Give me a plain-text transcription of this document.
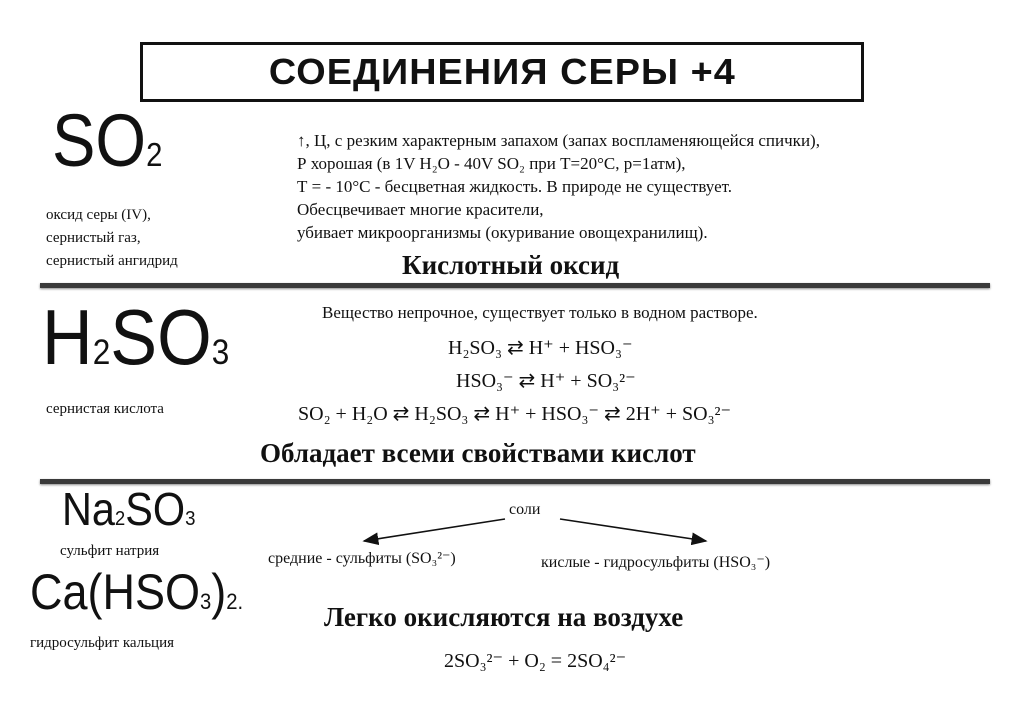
СОЕДИНЕНИЯ СЕРЫ +4
SO2
оксид серы (IV),
сернистый газ,
сернистый ангидрид
↑, Ц, с резким характерным запахом (запах воспламеняющейся спички),
Р хорошая (в 1V H₂O - 40V SO₂ при Т=20°С, р=1атм),
Т = - 10°С - бесцветная жидкость. В природе не существует.
Обесцвечивает многие красители,
убивает микроорганизмы (окуривание овощехранилищ).
Кислотный оксид
H2SO3
сернистая кислота
Вещество непрочное, существует только в водном растворе.
H₂SO₃ ⇄ H⁺ + HSO₃⁻
HSO₃⁻ ⇄ H⁺ + SO₃²⁻
SO₂ + H₂O ⇄ H₂SO₃ ⇄ H⁺ + HSO₃⁻ ⇄ 2H⁺ + SO₃²⁻
Обладает всеми свойствами кислот
Na2SO3
сульфит натрия
Ca(HSO3)2.
гидросульфит кальция
соли
средние - сульфиты (SO₃²⁻)	кислые - гидросульфиты (HSO₃⁻)
Легко окисляются на воздухе
2SO₃²⁻ + O₂ = 2SO₄²⁻
